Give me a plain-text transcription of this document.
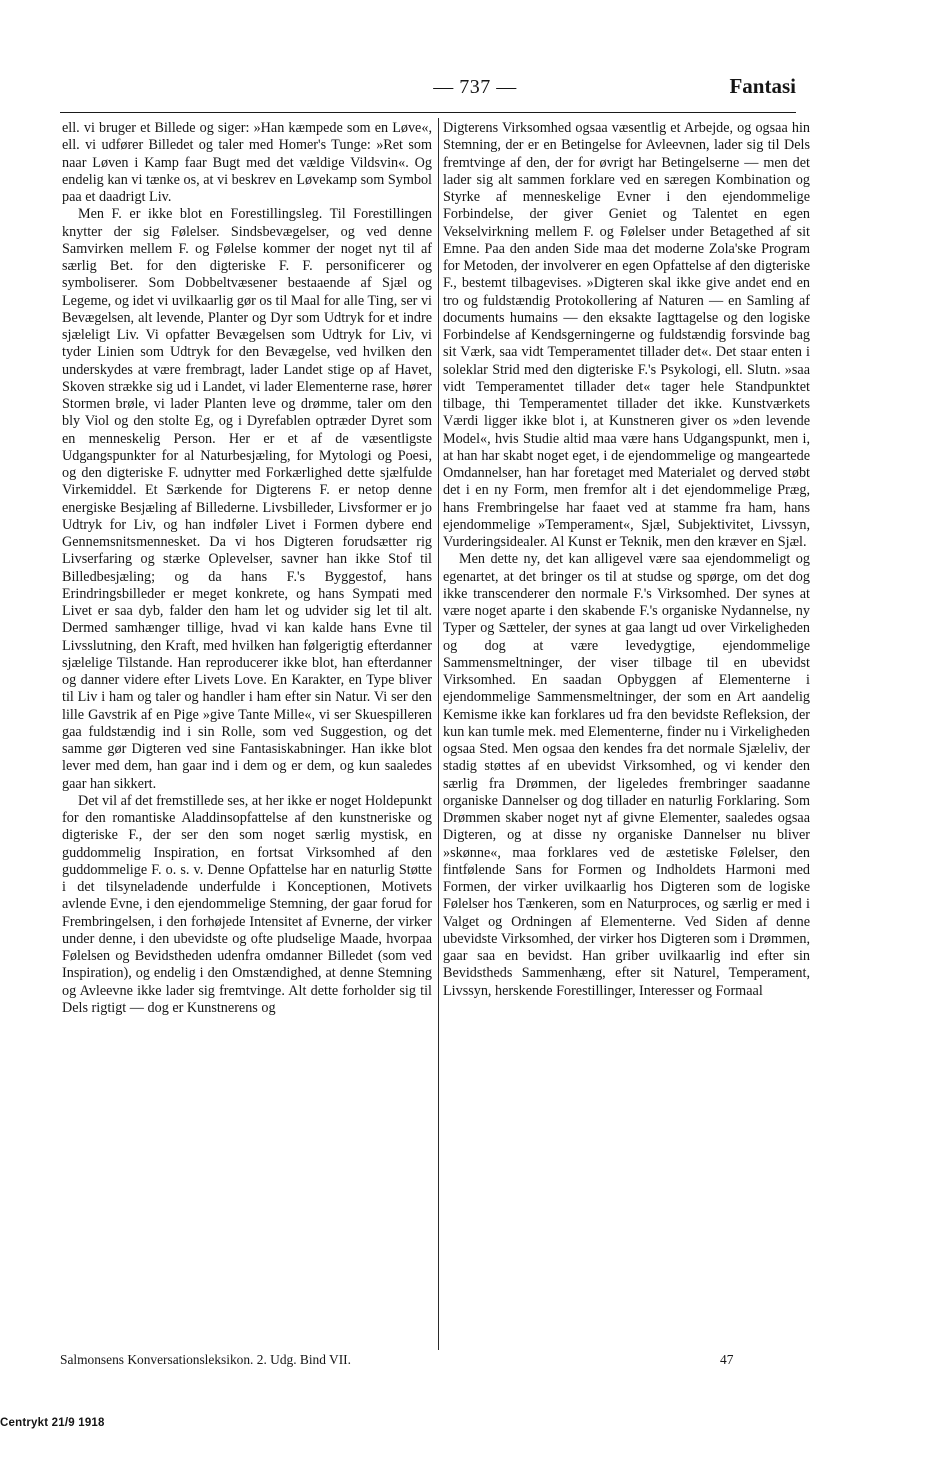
— 737 —	Fantasi

ell. vi bruger et Billede og siger: »Han kæmpede som en Løve«, ell. vi udfører Billedet og taler med Homer's Tunge: »Ret som naar Løven i Kamp faar Bugt med det vældige Vildsvin«. Og endelig kan vi tænke os, at vi beskrev en Løvekamp som Symbol paa et daadrigt Liv.

Men F. er ikke blot en Forestillingsleg. Til Forestillingen knytter der sig Følelser. Sindsbevægelser, og ved denne Samvirken mellem F. og Følelse kommer der noget nyt til af særlig Bet. for den digteriske F. F. personificerer og symboliserer. Som Dobbeltvæsener bestaaende af Sjæl og Legeme, og idet vi uvilkaarlig gør os til Maal for alle Ting, ser vi Bevægelsen, alt levende, Planter og Dyr som Udtryk for et indre sjæleligt Liv. Vi opfatter Bevægelsen som Udtryk for Liv, vi tyder Linien som Udtryk for den Bevægelse, ved hvilken den underskydes at være frembragt, lader Landet stige op af Havet, Skoven strække sig ud i Landet, vi lader Elementerne rase, hører Stormen brøle, vi lader Planten leve og drømme, taler om den bly Viol og den stolte Eg, og i Dyrefablen optræder Dyret som en menneskelig Person. Her er et af de væsentligste Udgangspunkter for al Naturbesjæling, for Mytologi og Poesi, og den digteriske F. udnytter med Forkærlighed dette sjælfulde Virkemiddel. Et Særkende for Digterens F. er netop denne energiske Besjæling af Billederne. Livsbilleder, Livsformer er jo Udtryk for Liv, og han indføler Livet i Formen dybere end Gennemsnitsmennesket. Da vi hos Digteren forudsætter rig Livserfaring og stærke Oplevelser, savner han ikke Stof til Billedbesjæling; og da hans F.'s Byggestof, hans Erindringsbilleder er meget konkrete, og hans Sympati med Livet er saa dyb, falder den ham let og udvider sig let til alt. Dermed samhænger tillige, hvad vi kan kalde hans Evne til Livsslutning, den Kraft, med hvilken han følgerigtig efterdanner sjælelige Tilstande. Han reproducerer ikke blot, han efterdanner og danner videre efter Livets Love. En Karakter, en Type bliver til Liv i ham og taler og handler i ham efter sin Natur. Vi ser den lille Gavstrik af en Pige »give Tante Mille«, vi ser Skuespilleren gaa fuldstændig ind i sin Rolle, som ved Suggestion, og det samme gør Digteren ved sine Fantasiskabninger. Han ikke blot lever med dem, han gaar ind i dem og er dem, og kun saaledes gaar han sikkert.

Det vil af det fremstillede ses, at her ikke er noget Holdepunkt for den romantiske Aladdinsopfattelse af den kunstneriske og digteriske F., der ser den som noget særlig mystisk, en guddommelig Inspiration, en fortsat Virksomhed af den guddommelige F. o. s. v. Denne Opfattelse har en naturlig Støtte i det tilsyneladende underfulde i Konceptionen, Motivets avlende Evne, i den ejendommelige Stemning, der gaar forud for Frembringelsen, i den forhøjede Intensitet af Evnerne, der virker under denne, i den ubevidste og ofte pludselige Maade, hvorpaa Følelsen og Bevidstheden udenfra omdanner Billedet (som ved Inspiration), og endelig i den Omstændighed, at denne Stemning og Avleevne ikke lader sig fremtvinge. Alt dette forholder sig til Dels rigtigt — dog er Kunstnerens og

Digterens Virksomhed ogsaa væsentlig et Arbejde, og ogsaa hin Stemning, der er en Betingelse for Avleevnen, lader sig til Dels fremtvinge af den, der for øvrigt har Betingelserne — men det lader sig alt sammen forklare ved en særegen Kombination og Styrke af menneskelige Evner i den ejendommelige Forbindelse, der giver Geniet og Talentet en egen Vekselvirkning mellem F. og Følelser under Betagethed af sit Emne. Paa den anden Side maa det moderne Zola'ske Program for Metoden, der involverer en egen Opfattelse af den digteriske F., bestemt tilbagevises. »Digteren skal ikke give andet end en tro og fuldstændig Protokollering af Naturen — en Samling af documents humains — den eksakte Iagttagelse og den logiske Forbindelse af Kendsgerningerne og fuldstændig forsvinde bag sit Værk, saa vidt Temperamentet tillader det«. Det staar enten i soleklar Strid med den digteriske F.'s Psykologi, ell. Slutn. »saa vidt Temperamentet tillader det« tager hele Standpunktet tilbage, thi Temperamentet tillader det ikke. Kunstværkets Værdi ligger ikke blot i, at Kunstneren giver os »den levende Model«, hvis Studie altid maa være hans Udgangspunkt, men i, at han har skabt noget eget, i de ejendommelige og mangeartede Omdannelser, han har foretaget med Materialet og derved støbt det i en ny Form, men fremfor alt i det ejendommelige Præg, hans Frembringelse har faaet ved at stamme fra ham, hans ejendommelige »Temperament«, Sjæl, Subjektivitet, Livssyn, Vurderingsidealer. Al Kunst er Teknik, men den kræver en Sjæl.

Men dette ny, det kan alligevel være saa ejendommeligt og egenartet, at det bringer os til at studse og spørge, om det dog ikke transcenderer den normale F.'s Virksomhed. Der synes at være noget aparte i den skabende F.'s organiske Nydannelse, ny Typer og Sætteler, der synes at gaa langt ud over Virkeligheden og dog at være levedygtige, ejendommelige Sammensmeltninger, der viser tilbage til en ubevidst Virksomhed. En saadan Opbyggen af Elementerne i ejendommelige Sammensmeltninger, der som en Art aandelig Kemisme ikke kan forklares ud fra den bevidste Refleksion, der kun kan tumle mek. med Elementerne, finder nu i Virkeligheden ogsaa Sted. Men ogsaa den kendes fra det normale Sjæleliv, der stadig støttes af en ubevidst Virksomhed, og vi kender den særlig fra Drømmen, der ligeledes frembringer saadanne organiske Dannelser og dog tillader en naturlig Forklaring. Som Drømmen skaber noget nyt af givne Elementer, saaledes ogsaa Digteren, og at disse ny organiske Dannelser nu bliver »skønne«, maa forklares ved de æstetiske Følelser, den fintfølende Sans for Formen og Indholdets Harmoni med Formen, der virker uvilkaarlig hos Digteren som de logiske Følelser hos Tænkeren, som en Naturproces, og særlig er med i Valget og Ordningen af Elementerne. Ved Siden af denne ubevidste Virksomhed, der virker hos Digteren som i Drømmen, gaar saa en bevidst. Han griber uvilkaarlig ind efter sin Bevidstheds Sammenhæng, efter sit Naturel, Temperament, Livssyn, herskende Forestillinger, Interesser og Formaal

Salmonsens Konversationsleksikon. 2. Udg. Bind VII.	47
Centrykt 21/9 1918
